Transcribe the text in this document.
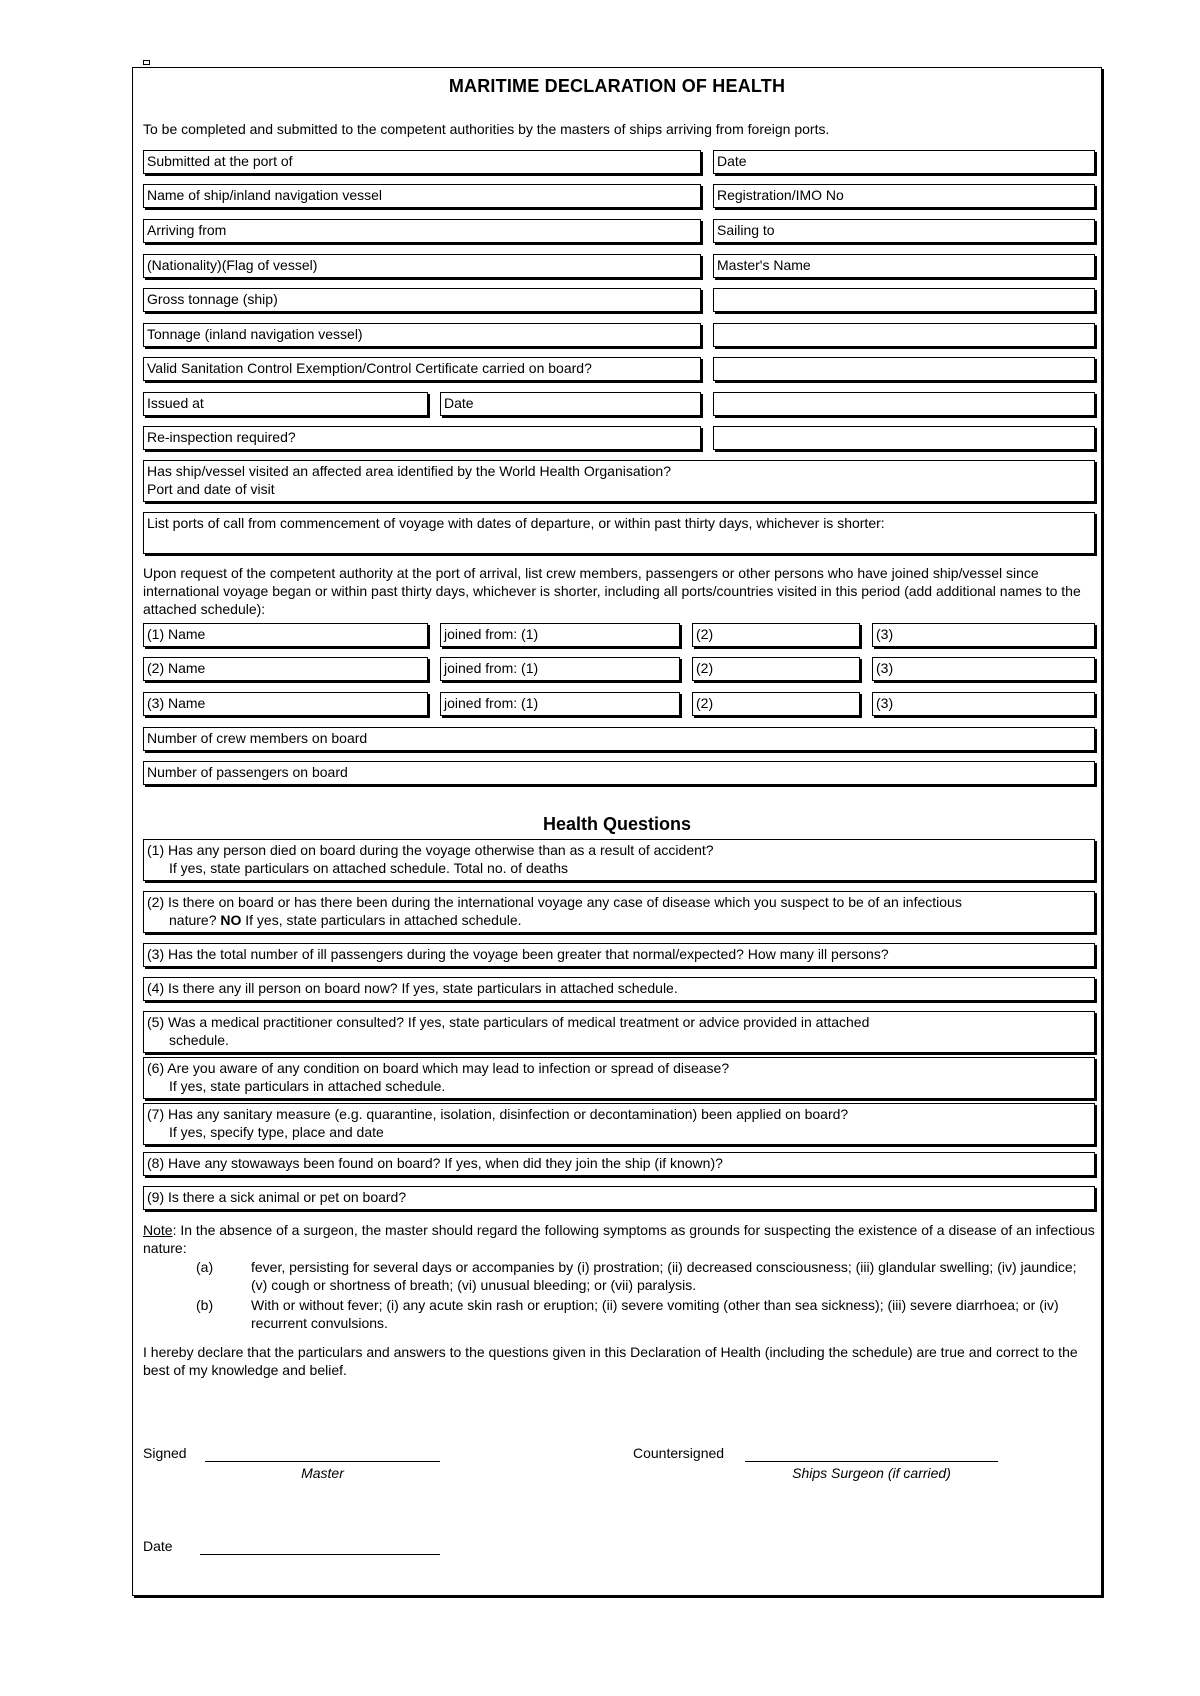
MARITIME DECLARATION OF HEALTH
To be completed and submitted to the competent authorities by the masters of ships arriving from foreign ports.
Submitted at the port of	Date
Name of ship/inland navigation vessel	Registration/IMO No
Arriving from	Sailing to
(Nationality)(Flag of vessel)	Master's Name
Gross tonnage (ship)
Tonnage (inland navigation vessel)
Valid Sanitation Control Exemption/Control Certificate carried on board?
Issued at	Date
Re-inspection required?
Has ship/vessel visited an affected area identified by the World Health Organisation?
Port and date of visit
List ports of call from commencement of voyage with dates of departure, or within past thirty days, whichever is shorter:
Upon request of the competent authority at the port of arrival, list crew members, passengers or other persons who have joined ship/vessel since international voyage began or within past thirty days, whichever is shorter, including all ports/countries visited in this period (add additional names to the attached schedule):
(1) Name	joined from: (1)	(2)	(3)
(2) Name	joined from: (1)	(2)	(3)
(3) Name	joined from: (1)	(2)	(3)
Number of crew members on board
Number of passengers on board
Health Questions
(1) Has any person died on board during the voyage otherwise than as a result of accident?
If yes, state particulars on attached schedule. Total no. of deaths
(2) Is there on board or has there been during the international voyage any case of disease which you suspect to be of an infectious
nature? NO If yes, state particulars in attached schedule.
(3) Has the total number of ill passengers during the voyage been greater that normal/expected? How many ill persons?
(4) Is there any ill person on board now? If yes, state particulars in attached schedule.
(5) Was a medical practitioner consulted? If yes, state particulars of medical treatment or advice provided in attached
schedule.
(6) Are you aware of any condition on board which may lead to infection or spread of disease?
If yes, state particulars in attached schedule.
(7) Has any sanitary measure (e.g. quarantine, isolation, disinfection or decontamination) been applied on board?
If yes, specify type, place and date
(8) Have any stowaways been found on board? If yes, when did they join the ship (if known)?
(9) Is there a sick animal or pet on board?
Note: In the absence of a surgeon, the master should regard the following symptoms as grounds for suspecting the existence of a disease of an infectious nature:
(a)	fever, persisting for several days or accompanies by (i) prostration; (ii) decreased consciousness; (iii) glandular swelling; (iv) jaundice; (v) cough or shortness of breath; (vi) unusual bleeding; or (vii) paralysis.
(b)	With or without fever; (i) any acute skin rash or eruption; (ii) severe vomiting (other than sea sickness); (iii) severe diarrhoea; or (iv) recurrent convulsions.
I hereby declare that the particulars and answers to the questions given in this Declaration of Health (including the schedule) are true and correct to the best of my knowledge and belief.
Signed
Master
Countersigned
Ships Surgeon (if carried)
Date
